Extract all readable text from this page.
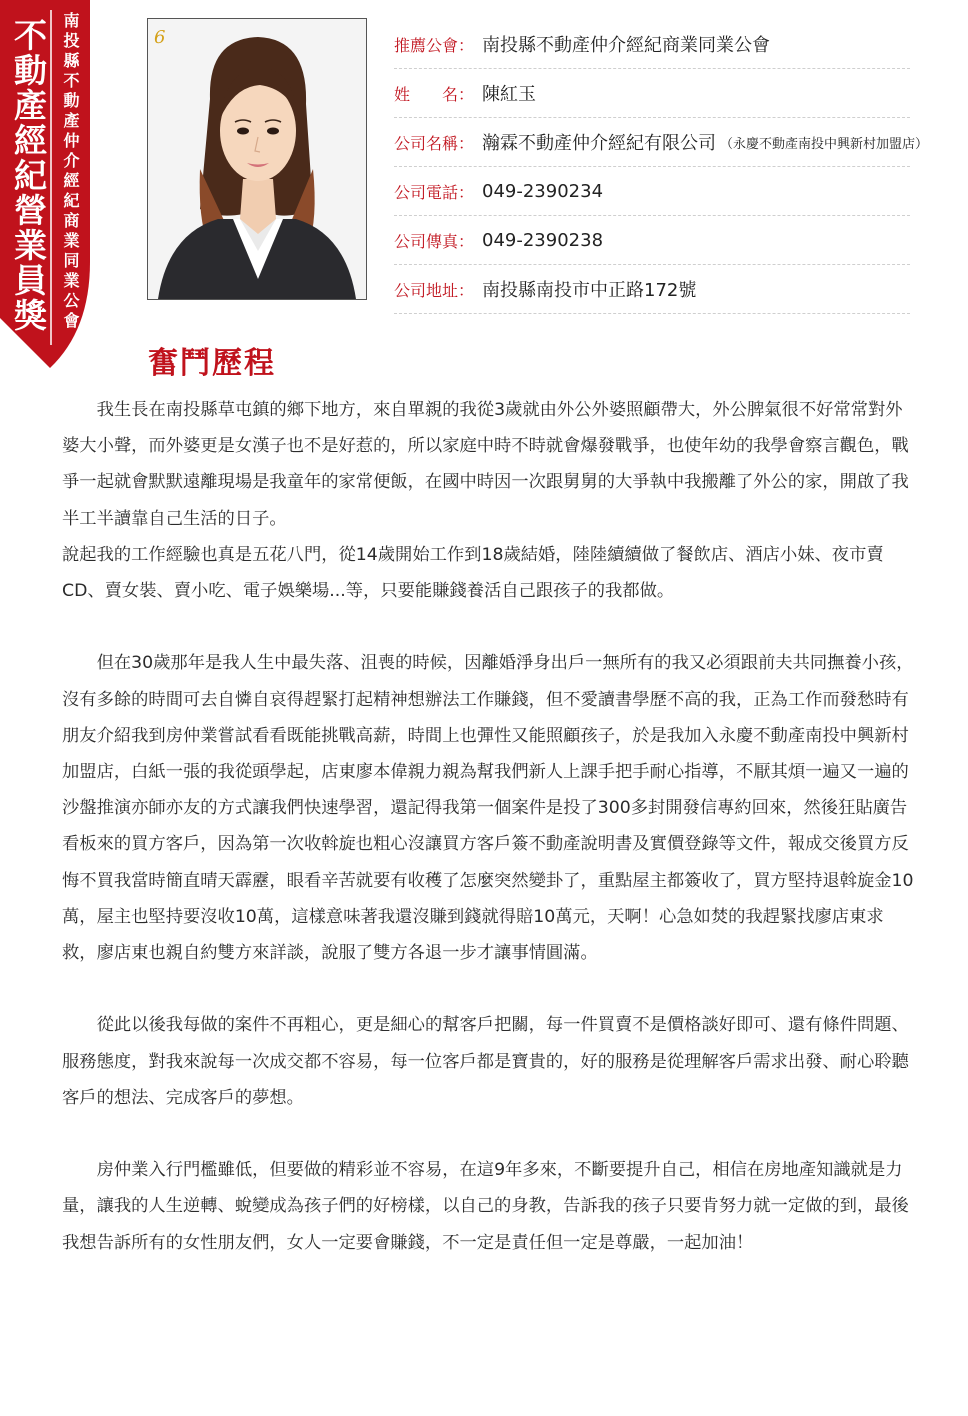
不動產經紀營業員獎 南投縣不動產仲介經紀商業同業公會	6	推薦公會： 南投縣不動產仲介經紀商業同業公會
姓　　名： 陳紅玉
公司名稱： 瀚霖不動產仲介經紀有限公司 （永慶不動產南投中興新村加盟店）
公司電話： 049-2390234
公司傳真： 049-2390238
公司地址： 南投縣南投市中正路172號
奮鬥歷程

我生長在南投縣草屯鎮的鄉下地方，來自單親的我從3歲就由外公外婆照顧帶大，外公脾氣很不好常常對外婆大小聲，而外婆更是女漢子也不是好惹的，所以家庭中時不時就會爆發戰爭，也使年幼的我學會察言觀色，戰爭一起就會默默遠離現場是我童年的家常便飯，在國中時因一次跟舅舅的大爭執中我搬離了外公的家，開啟了我半工半讀靠自己生活的日子。

說起我的工作經驗也真是五花八門，從14歲開始工作到18歲結婚，陸陸續續做了餐飲店、酒店小妹、夜市賣CD、賣女裝、賣小吃、電子娛樂場...等，只要能賺錢養活自己跟孩子的我都做。

但在30歲那年是我人生中最失落、沮喪的時候，因離婚淨身出戶一無所有的我又必須跟前夫共同撫養小孩，沒有多餘的時間可去自憐自哀得趕緊打起精神想辦法工作賺錢，但不愛讀書學歷不高的我，正為工作而發愁時有朋友介紹我到房仲業嘗試看看既能挑戰高薪，時間上也彈性又能照顧孩子，於是我加入永慶不動產南投中興新村加盟店，白紙一張的我從頭學起，店東廖本偉親力親為幫我們新人上課手把手耐心指導，不厭其煩一遍又一遍的沙盤推演亦師亦友的方式讓我們快速學習，還記得我第一個案件是投了300多封開發信專約回來，然後狂貼廣告看板來的買方客戶，因為第一次收斡旋也粗心沒讓買方客戶簽不動產說明書及實價登錄等文件，報成交後買方反悔不買我當時簡直晴天霹靂，眼看辛苦就要有收穫了怎麼突然變卦了，重點屋主都簽收了，買方堅持退斡旋金10萬，屋主也堅持要沒收10萬，這樣意味著我還沒賺到錢就得賠10萬元，天啊！心急如焚的我趕緊找廖店東求救，廖店東也親自約雙方來詳談，說服了雙方各退一步才讓事情圓滿。

從此以後我每做的案件不再粗心，更是細心的幫客戶把關，每一件買賣不是價格談好即可、還有條件問題、服務態度，對我來說每一次成交都不容易，每一位客戶都是寶貴的，好的服務是從理解客戶需求出發、耐心聆聽客戶的想法、完成客戶的夢想。

房仲業入行門檻雖低，但要做的精彩並不容易，在這9年多來，不斷要提升自己，相信在房地產知識就是力量，讓我的人生逆轉、蛻變成為孩子們的好榜樣，以自己的身教，告訴我的孩子只要肯努力就一定做的到，最後我想告訴所有的女性朋友們，女人一定要會賺錢，不一定是責任但一定是尊嚴，一起加油！
